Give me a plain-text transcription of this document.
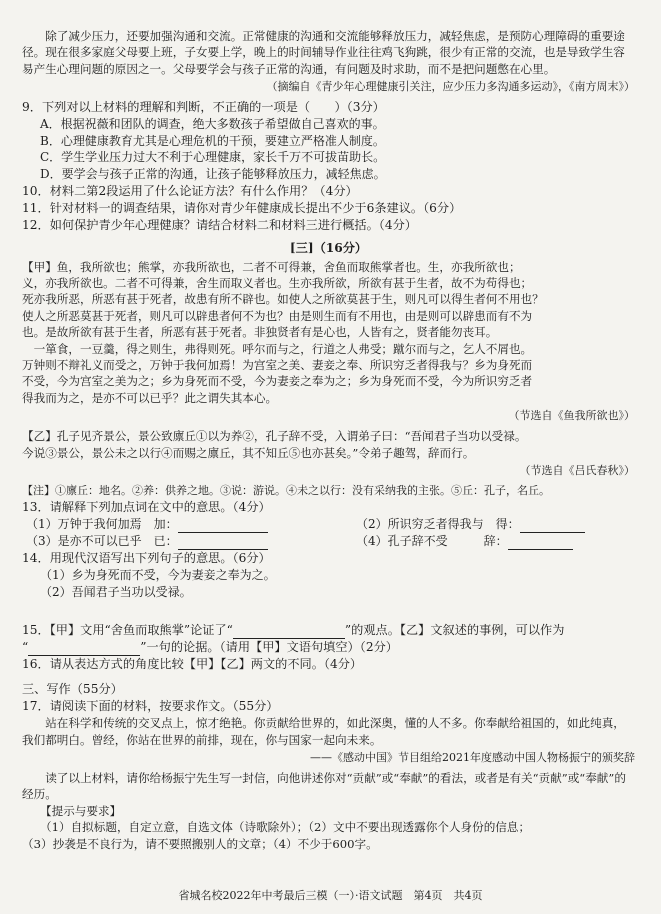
除了减少压力，还要加强沟通和交流。正常健康的沟通和交流能够释放压力，减轻焦虑，是预防心理障碍的重要途径。现在很多家庭父母要上班，子女要上学，晚上的时间辅导作业往往鸡飞狗跳，很少有正常的交流，也是导致学生容易产生心理问题的原因之一。父母要学会与孩子正常的沟通，有问题及时求助，而不是把问题憋在心里。

（摘编自《青少年心理健康引关注，应少压力多沟通多运动》，《南方周末》）

9．下列对以上材料的理解和判断，不正确的一项是（　　）（3分）

A．根据祝薇和团队的调查，绝大多数孩子希望做自己喜欢的事。

B．心理健康教育尤其是心理危机的干预，要建立严格准人制度。

C．学生学业压力过大不利于心理健康，家长千万不可拔苗助长。

D．要学会与孩子正常的沟通，让孩子能够释放压力，减轻焦虑。

10．材料二第2段运用了什么论证方法？有什么作用？（4分）

11．针对材料一的调查结果，请你对青少年健康成长提出不少于6条建议。（6分）

12．如何保护青少年心理健康？请结合材料二和材料三进行概括。（4分）

[三]（16分）

【甲】鱼，我所欲也；熊掌，亦我所欲也，二者不可得兼，舍鱼而取熊掌者也。生，亦我所欲也；

义，亦我所欲也。二者不可得兼，舍生而取义者也。生亦我所欲，所欲有甚于生者，故不为苟得也；

死亦我所恶，所恶有甚于死者，故患有所不辟也。如使人之所欲莫甚于生，则凡可以得生者何不用也？

使人之所恶莫甚于死者，则凡可以辟患者何不为也？由是则生而有不用也，由是则可以辟患而有不为

也。是故所欲有甚于生者，所恶有甚于死者。非独贤者有是心也，人皆有之，贤者能勿丧耳。

　一箪食，一豆羹，得之则生，弗得则死。呼尔而与之，行道之人弗受；蹴尔而与之，乞人不屑也。

万钟则不辩礼义而受之，万钟于我何加焉！为宫室之美、妻妾之奉、所识穷乏者得我与？乡为身死而

不受，今为宫室之美为之；乡为身死而不受，今为妻妾之奉为之；乡为身死而不受，今为所识穷乏者

得我而为之，是亦不可以已乎？此之谓失其本心。

（节选自《鱼我所欲也》）

【乙】孔子见齐景公，景公致廪丘①以为养②，孔子辞不受，入谓弟子曰：“吾闻君子当功以受禄。

今说③景公，景公未之以行④而赐之廪丘，其不知丘⑤也亦甚矣。”令弟子趣驾，辞而行。

（节选自《吕氏春秋》）

【注】①廪丘：地名。②养：供养之地。③说：游说。④未之以行：没有采纳我的主张。⑤丘：孔子，名丘。

13．请解释下列加点词在文中的意思。（4分）

（1）万钟于我何加焉　 加：	（2）所识穷乏者得我与　 得：
（3）是亦不可以已乎　 已：	（4）孔子辞不受　　　	辞：

14．用现代汉语写出下列句子的意思。（6分）

（1）乡为身死而不受，今为妻妾之奉为之。

（2）吾闻君子当功以受禄。

15．【甲】文用“舍鱼而取熊掌”论证了“	”的观点。【乙】文叙述的事例，可以作为

“	”一句的论据。（请用【甲】文语句填空）（2分）

16．请从表达方式的角度比较【甲】【乙】两文的不同。（4分）

三、写作（55分）

17．请阅读下面的材料，按要求作文。（55分）

站在科学和传统的交叉点上，惊才绝艳。你贡献给世界的，如此深奥，懂的人不多。你奉献给祖国的，如此纯真，我们都明白。曾经，你站在世界的前排，现在，你与国家一起向未来。

——《感动中国》节目组给2021年度感动中国人物杨振宁的颁奖辞

读了以上材料，请你给杨振宁先生写一封信，向他讲述你对“贡献”或“奉献”的看法，或者是有关“贡献”或“奉献”的经历。

【提示与要求】

（1）自拟标题，自定立意，自选文体（诗歌除外）；（2）文中不要出现透露你个人身份的信息；

（3）抄袭是不良行为，请不要照搬别人的文章；（4）不少于600字。

省城名校2022年中考最后三模（一）·语文试题　第4页　共4页
